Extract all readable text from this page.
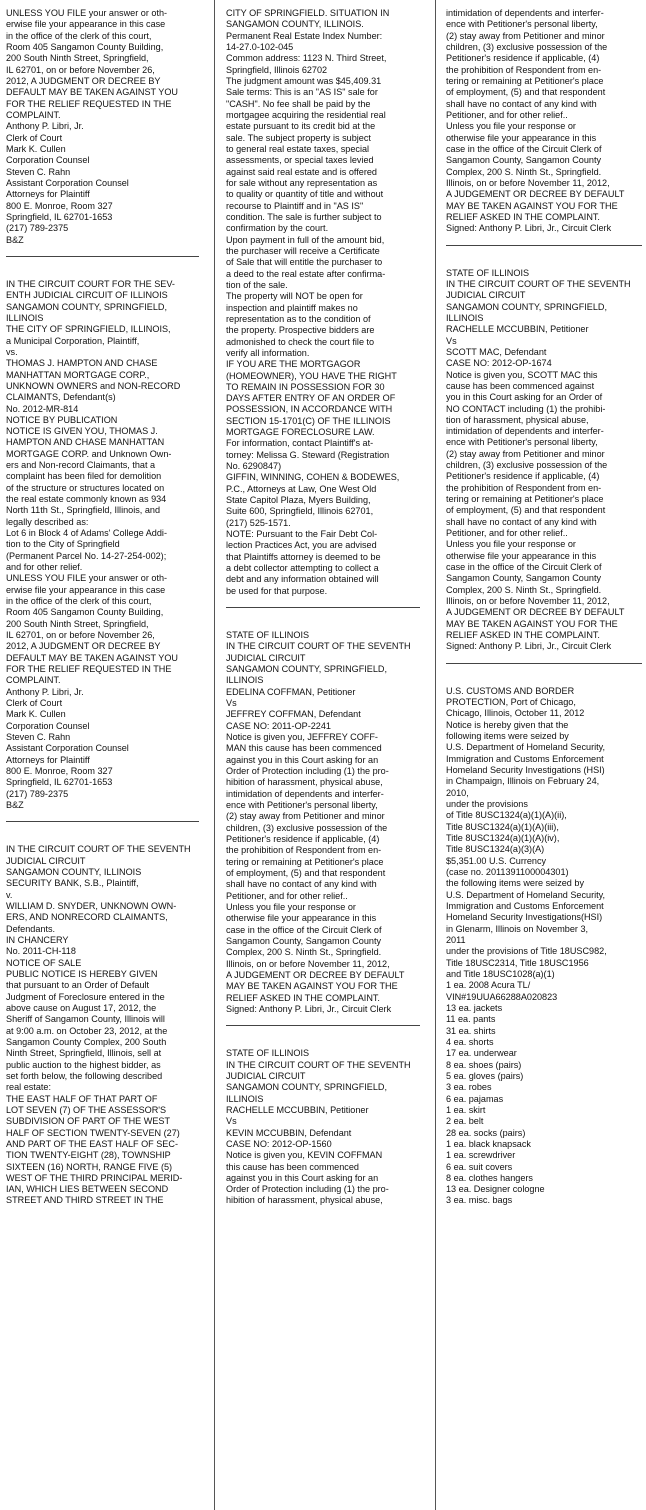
UNLESS YOU FILE your answer or oth-

erwise file your appearance in this case

in the office of the clerk of this court,

Room 405 Sangamon County Building,

200 South Ninth Street, Springfield,

IL 62701, on or before November 26,

2012, A JUDGMENT OR DECREE BY

DEFAULT MAY BE TAKEN AGAINST YOU

FOR THE RELIEF REQUESTED IN THE

COMPLAINT.

Anthony P. Libri, Jr.

Clerk of Court

Mark K. Cullen

Corporation Counsel

Steven C. Rahn

Assistant Corporation Counsel

Attorneys for Plaintiff

800 E. Monroe, Room 327

Springfield, IL 62701-1653

(217) 789-2375

B&Z

IN THE CIRCUIT COURT FOR THE SEV-

ENTH JUDICIAL CIRCUIT OF ILLINOIS

SANGAMON COUNTY, SPRINGFIELD,

ILLINOIS

THE CITY OF SPRINGFIELD, ILLINOIS,

a Municipal Corporation, Plaintiff,

vs.

THOMAS J. HAMPTON AND CHASE

MANHATTAN MORTGAGE CORP.,

UNKNOWN OWNERS and NON-RECORD

CLAIMANTS, Defendant(s)

No. 2012-MR-814

NOTICE BY PUBLICATION

NOTICE IS GIVEN YOU, THOMAS J.

HAMPTON AND CHASE MANHATTAN

MORTGAGE CORP. and Unknown Own-

ers and Non-record Claimants, that a

complaint has been filed for demolition

of the structure or structures located on

the real estate commonly known as 934

North 11th St., Springfield, Illinois, and

legally described as:

Lot 6 in Block 4 of Adams' College Addi-

tion to the City of Springfield

(Permanent Parcel No. 14-27-254-002);

and for other relief.

UNLESS YOU FILE your answer or oth-

erwise file your appearance in this case

in the office of the clerk of this court,

Room 405 Sangamon County Building,

200 South Ninth Street, Springfield,

IL 62701, on or before November 26,

2012, A JUDGMENT OR DECREE BY

DEFAULT MAY BE TAKEN AGAINST YOU

FOR THE RELIEF REQUESTED IN THE

COMPLAINT.

Anthony P. Libri, Jr.

Clerk of Court

Mark K. Cullen

Corporation Counsel

Steven C. Rahn

Assistant Corporation Counsel

Attorneys for Plaintiff

800 E. Monroe, Room 327

Springfield, IL 62701-1653

(217) 789-2375

B&Z

IN THE CIRCUIT COURT OF THE SEVENTH

JUDICIAL CIRCUIT

SANGAMON COUNTY, ILLINOIS

SECURITY BANK, S.B., Plaintiff,

v.

WILLIAM D. SNYDER, UNKNOWN OWN-

ERS, AND NONRECORD CLAIMANTS,

Defendants.

IN CHANCERY

No. 2011-CH-118

NOTICE OF SALE

PUBLIC NOTICE IS HEREBY GIVEN

that pursuant to an Order of Default

Judgment of Foreclosure entered in the

above cause on August 17, 2012, the

Sheriff of Sangamon County, Illinois will

at 9:00 a.m. on October 23, 2012, at the

Sangamon County Complex, 200 South

Ninth Street, Springfield, Illinois, sell at

public auction to the highest bidder, as

set forth below, the following described

real estate:

THE EAST HALF OF THAT PART OF

LOT SEVEN (7) OF THE ASSESSOR'S

SUBDIVISION OF PART OF THE WEST

HALF OF SECTION TWENTY-SEVEN (27)

AND PART OF THE EAST HALF OF SEC-

TION TWENTY-EIGHT (28), TOWNSHIP

SIXTEEN (16) NORTH, RANGE FIVE (5)

WEST OF THE THIRD PRINCIPAL MERID-

IAN, WHICH LIES BETWEEN SECOND

STREET AND THIRD STREET IN THE

CITY OF SPRINGFIELD. SITUATION IN

SANGAMON COUNTY, ILLINOIS.

Permanent Real Estate Index Number:

14-27.0-102-045

Common address: 1123 N. Third Street,

Springfield, Illinois 62702

The judgment amount was $45,409.31

Sale terms: This is an "AS IS" sale for

"CASH". No fee shall be paid by the

mortgagee acquiring the residential real

estate pursuant to its credit bid at the

sale. The subject property is subject

to general real estate taxes, special

assessments, or special taxes levied

against said real estate and is offered

for sale without any representation as

to quality or quantity of title and without

recourse to Plaintiff and in "AS IS"

condition. The sale is further subject to

confirmation by the court.

Upon payment in full of the amount bid,

the purchaser will receive a Certificate

of Sale that will entitle the purchaser to

a deed to the real estate after confirma-

tion of the sale.

The property will NOT be open for

inspection and plaintiff makes no

representation as to the condition of

the property. Prospective bidders are

admonished to check the court file to

verify all information.

IF YOU ARE THE MORTGAGOR

(HOMEOWNER), YOU HAVE THE RIGHT

TO REMAIN IN POSSESSION FOR 30

DAYS AFTER ENTRY OF AN ORDER OF

POSSESSION, IN ACCORDANCE WITH

SECTION 15-1701(C) OF THE ILLINOIS

MORTGAGE FORECLOSURE LAW.

For information, contact Plaintiff's at-

torney: Melissa G. Steward (Registration

No. 6290847)

GIFFIN, WINNING, COHEN & BODEWES,

P.C., Attorneys at Law, One West Old

State Capitol Plaza, Myers Building,

Suite 600, Springfield, Illinois 62701,

(217) 525-1571.

NOTE: Pursuant to the Fair Debt Col-

lection Practices Act, you are advised

that Plaintiffs attorney is deemed to be

a debt collector attempting to collect a

debt and any information obtained will

be used for that purpose.

STATE OF ILLINOIS

IN THE CIRCUIT COURT OF THE SEVENTH

JUDICIAL CIRCUIT

SANGAMON COUNTY, SPRINGFIELD,

ILLINOIS

EDELINA COFFMAN, Petitioner

Vs

JEFFREY COFFMAN, Defendant

CASE NO: 2011-OP-2241

Notice is given you, JEFFREY COFF-

MAN this cause has been commenced

against you in this Court asking for an

Order of Protection including (1) the pro-

hibition of harassment, physical abuse,

intimidation of dependents and interfer-

ence with Petitioner's personal liberty,

(2) stay away from Petitioner and minor

children, (3) exclusive possession of the

Petitioner's residence if applicable, (4)

the prohibition of Respondent from en-

tering or remaining at Petitioner's place

of employment, (5) and that respondent

shall have no contact of any kind with

Petitioner, and for other relief..

Unless you file your response or

otherwise file your appearance in this

case in the office of the Circuit Clerk of

Sangamon County, Sangamon County

Complex, 200 S. Ninth St., Springfield.

Illinois, on or before November 11, 2012,

A JUDGEMENT OR DECREE BY DEFAULT

MAY BE TAKEN AGAINST YOU FOR THE

RELIEF ASKED IN THE COMPLAINT.

Signed: Anthony P. Libri, Jr., Circuit Clerk

STATE OF ILLINOIS

IN THE CIRCUIT COURT OF THE SEVENTH

JUDICIAL CIRCUIT

SANGAMON COUNTY, SPRINGFIELD,

ILLINOIS

RACHELLE MCCUBBIN, Petitioner

Vs

KEVIN MCCUBBIN, Defendant

CASE NO: 2012-OP-1560

Notice is given you, KEVIN COFFMAN

this cause has been commenced

against you in this Court asking for an

Order of Protection including (1) the pro-

hibition of harassment, physical abuse,

intimidation of dependents and interfer-

ence with Petitioner's personal liberty,

(2) stay away from Petitioner and minor

children, (3) exclusive possession of the

Petitioner's residence if applicable, (4)

the prohibition of Respondent from en-

tering or remaining at Petitioner's place

of employment, (5) and that respondent

shall have no contact of any kind with

Petitioner, and for other relief..

Unless you file your response or

otherwise file your appearance in this

case in the office of the Circuit Clerk of

Sangamon County, Sangamon County

Complex, 200 S. Ninth St., Springfield.

Illinois, on or before November 11, 2012,

A JUDGEMENT OR DECREE BY DEFAULT

MAY BE TAKEN AGAINST YOU FOR THE

RELIEF ASKED IN THE COMPLAINT.

Signed: Anthony P. Libri, Jr., Circuit Clerk

STATE OF ILLINOIS

IN THE CIRCUIT COURT OF THE SEVENTH

JUDICIAL CIRCUIT

SANGAMON COUNTY, SPRINGFIELD,

ILLINOIS

RACHELLE MCCUBBIN, Petitioner

Vs

SCOTT MAC, Defendant

CASE NO: 2012-OP-1674

Notice is given you, SCOTT MAC this

cause has been commenced against

you in this Court asking for an Order of

NO CONTACT including (1) the prohibi-

tion of harassment, physical abuse,

intimidation of dependents and interfer-

ence with Petitioner's personal liberty,

(2) stay away from Petitioner and minor

children, (3) exclusive possession of the

Petitioner's residence if applicable, (4)

the prohibition of Respondent from en-

tering or remaining at Petitioner's place

of employment, (5) and that respondent

shall have no contact of any kind with

Petitioner, and for other relief..

Unless you file your response or

otherwise file your appearance in this

case in the office of the Circuit Clerk of

Sangamon County, Sangamon County

Complex, 200 S. Ninth St., Springfield.

Illinois, on or before November 11, 2012,

A JUDGEMENT OR DECREE BY DEFAULT

MAY BE TAKEN AGAINST YOU FOR THE

RELIEF ASKED IN THE COMPLAINT.

Signed: Anthony P. Libri, Jr., Circuit Clerk

U.S. CUSTOMS AND BORDER

PROTECTION, Port of Chicago,

Chicago, Illinois, October 11, 2012

Notice is hereby given that the

following items were seized by

U.S. Department of Homeland Security,

Immigration and Customs Enforcement

Homeland Security Investigations (HSI)

in Champaign, Illinois on February 24,

2010,

under the provisions

of Title 8USC1324(a)(1)(A)(ii),

Title 8USC1324(a)(1)(A)(iii),

Title 8USC1324(a)(1)(A)(iv),

Title 8USC1324(a)(3)(A)

$5,351.00 U.S. Currency

(case no. 2011391100004301)

the following items were seized by

U.S. Department of Homeland Security,

Immigration and Customs Enforcement

Homeland Security Investigations(HSI)

in Glenarm, Illinois on November 3,

2011

under the provisions of Title 18USC982,

Title 18USC2314, Title 18USC1956

and Title 18USC1028(a)(1)

1 ea. 2008 Acura TL/

VIN#19UUA66288A020823

13 ea. jackets

11 ea. pants

31 ea. shirts

4 ea. shorts

17 ea. underwear

8 ea. shoes (pairs)

5 ea. gloves (pairs)

3 ea. robes

6 ea. pajamas

1 ea. skirt

2 ea. belt

28 ea. socks (pairs)

1 ea. black knapsack

1 ea. screwdriver

6 ea. suit covers

8 ea. clothes hangers

13 ea. Designer cologne

3 ea. misc. bags
